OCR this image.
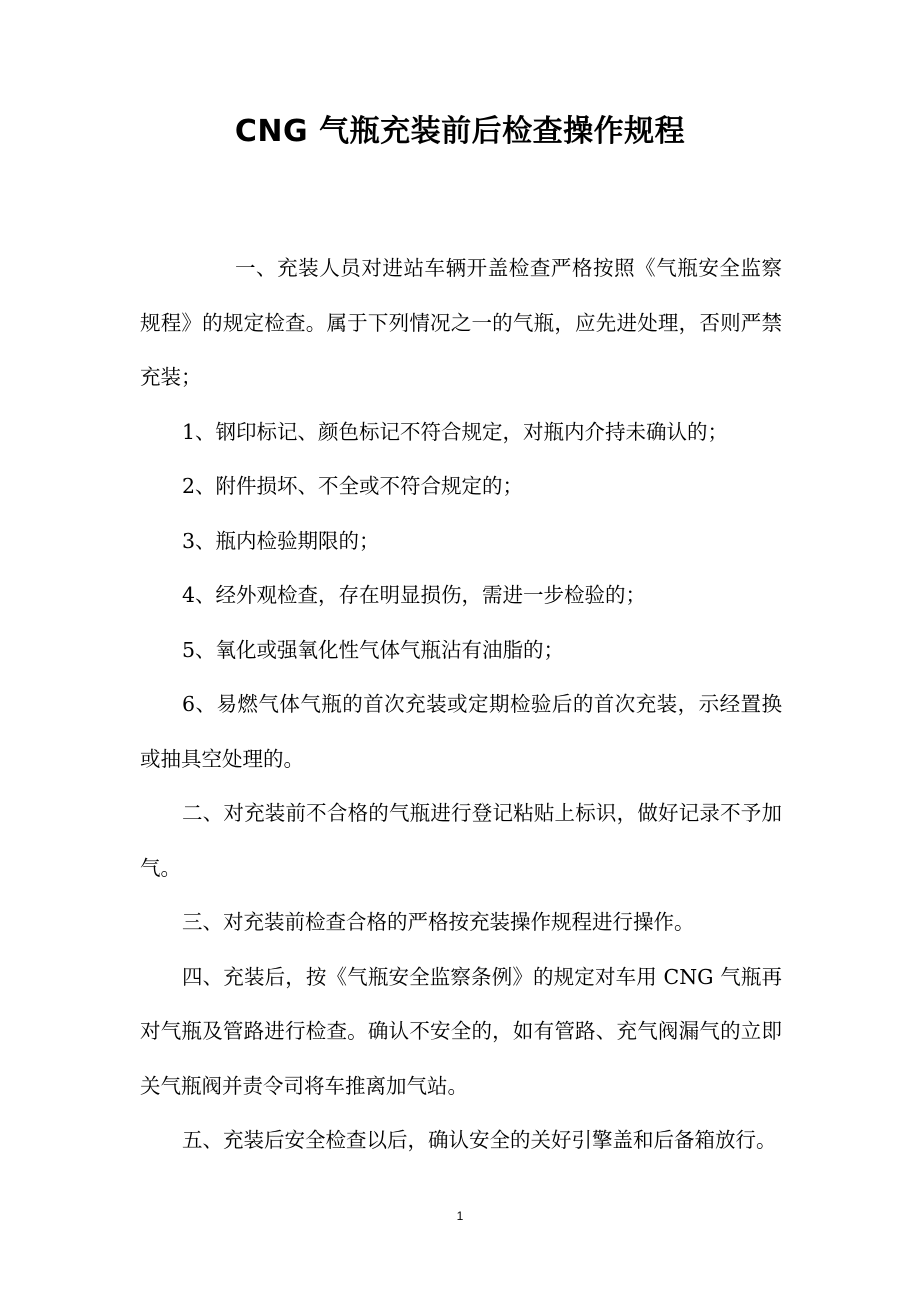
CNG 气瓶充装前后检查操作规程

一、充装人员对进站车辆开盖检查严格按照《气瓶安全监察规程》的规定检查。属于下列情况之一的气瓶，应先进处理，否则严禁充装；

1、钢印标记、颜色标记不符合规定，对瓶内介持未确认的；

2、附件损坏、不全或不符合规定的；

3、瓶内检验期限的；

4、经外观检查，存在明显损伤，需进一步检验的；

5、氧化或强氧化性气体气瓶沾有油脂的；

6、易燃气体气瓶的首次充装或定期检验后的首次充装，示经置换或抽具空处理的。

二、对充装前不合格的气瓶进行登记粘贴上标识，做好记录不予加气。

三、对充装前检查合格的严格按充装操作规程进行操作。

四、充装后，按《气瓶安全监察条例》的规定对车用 CNG 气瓶再对气瓶及管路进行检查。确认不安全的，如有管路、充气阀漏气的立即关气瓶阀并责令司将车推离加气站。

五、充装后安全检查以后，确认安全的关好引擎盖和后备箱放行。

1
